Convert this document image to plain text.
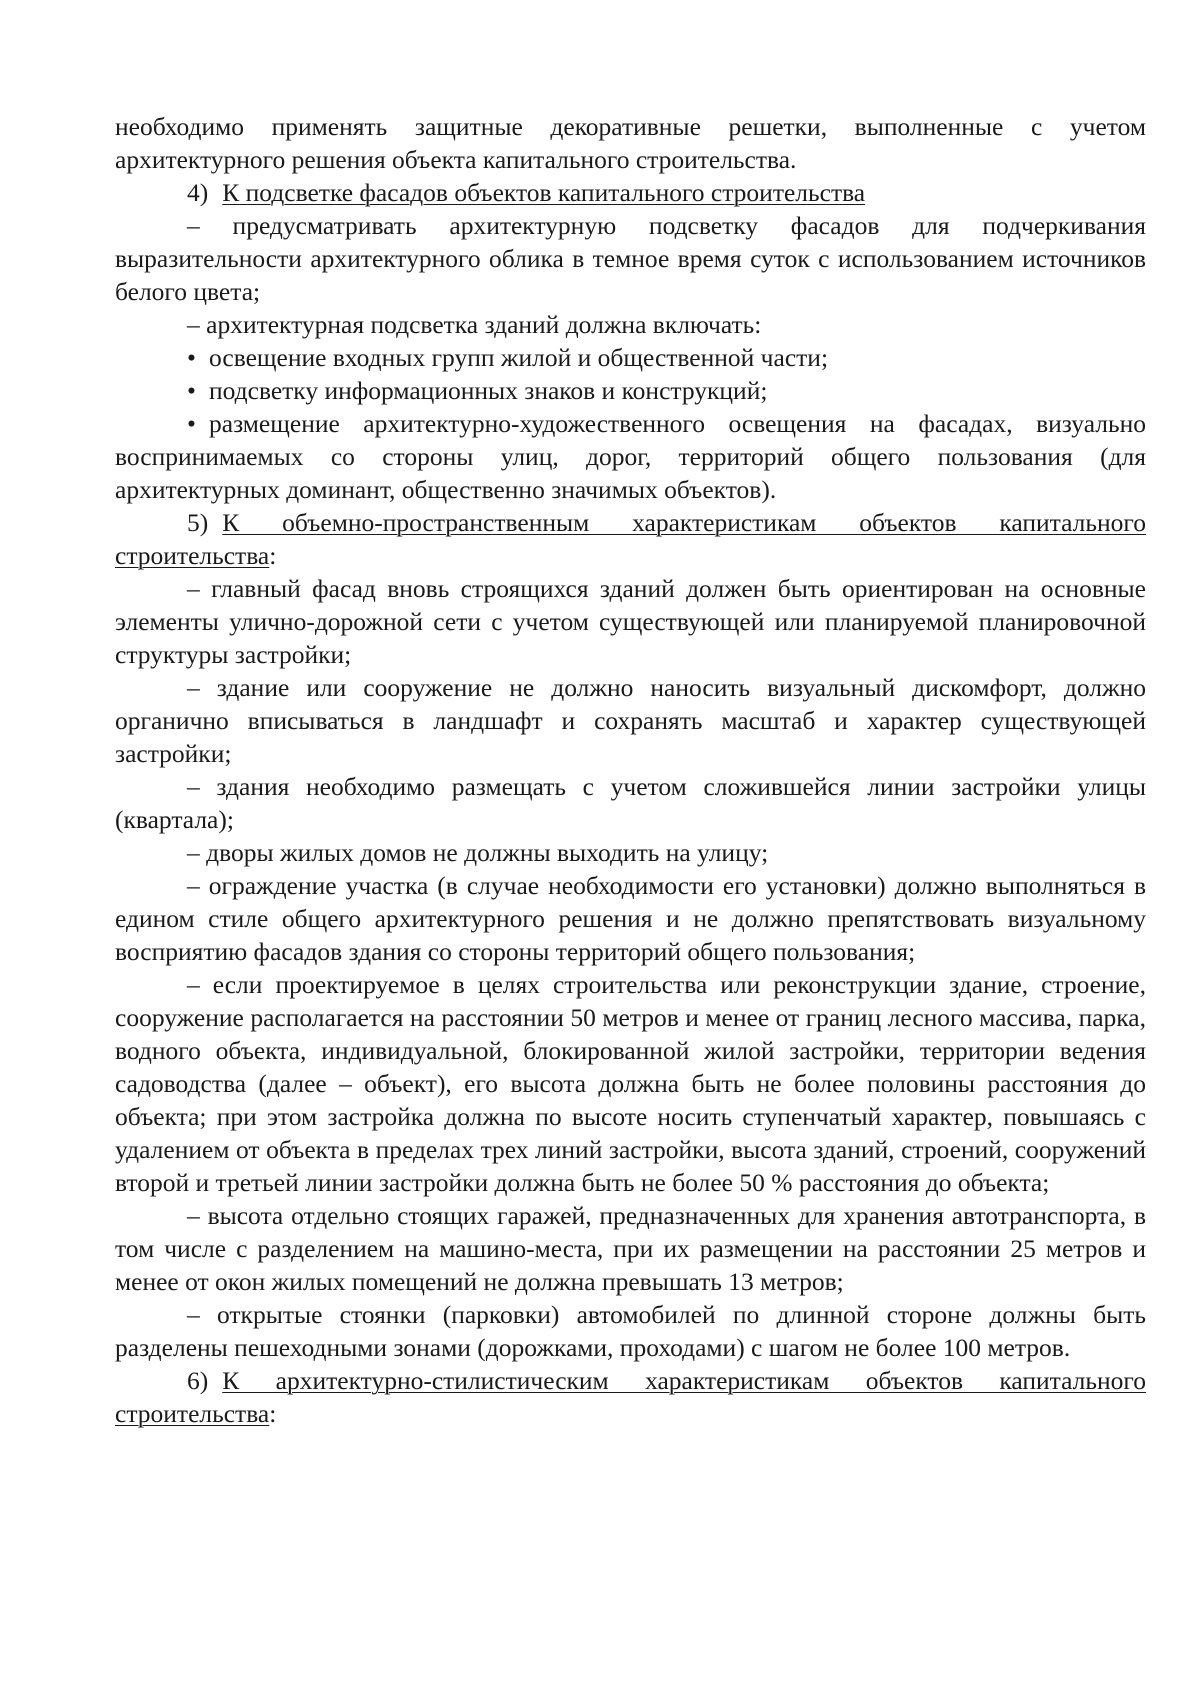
необходимо применять защитные декоративные решетки, выполненные с учетом архитектурного решения объекта капитального строительства.

4) К подсветке фасадов объектов капитального строительства

– предусматривать архитектурную подсветку фасадов для подчеркивания выразительности архитектурного облика в темное время суток с использованием источников белого цвета;

– архитектурная подсветка зданий должна включать:

• освещение входных групп жилой и общественной части;

• подсветку информационных знаков и конструкций;

• размещение архитектурно-художественного освещения на фасадах, визуально воспринимаемых со стороны улиц, дорог, территорий общего пользования (для архитектурных доминант, общественно значимых объектов).

5) К объемно-пространственным характеристикам объектов капитального строительства:

– главный фасад вновь строящихся зданий должен быть ориентирован на основные элементы улично-дорожной сети с учетом существующей или планируемой планировочной структуры застройки;

– здание или сооружение не должно наносить визуальный дискомфорт, должно органично вписываться в ландшафт и сохранять масштаб и характер существующей застройки;

– здания необходимо размещать с учетом сложившейся линии застройки улицы (квартала);

– дворы жилых домов не должны выходить на улицу;

– ограждение участка (в случае необходимости его установки) должно выполняться в едином стиле общего архитектурного решения и не должно препятствовать визуальному восприятию фасадов здания со стороны территорий общего пользования;

– если проектируемое в целях строительства или реконструкции здание, строение, сооружение располагается на расстоянии 50 метров и менее от границ лесного массива, парка, водного объекта, индивидуальной, блокированной жилой застройки, территории ведения садоводства (далее – объект), его высота должна быть не более половины расстояния до объекта; при этом застройка должна по высоте носить ступенчатый характер, повышаясь с удалением от объекта в пределах трех линий застройки, высота зданий, строений, сооружений второй и третьей линии застройки должна быть не более 50 % расстояния до объекта;

– высота отдельно стоящих гаражей, предназначенных для хранения автотранспорта, в том числе с разделением на машино-места, при их размещении на расстоянии 25 метров и менее от окон жилых помещений не должна превышать 13 метров;

– открытые стоянки (парковки) автомобилей по длинной стороне должны быть разделены пешеходными зонами (дорожками, проходами) с шагом не более 100 метров.

6) К архитектурно-стилистическим характеристикам объектов капитального строительства:
